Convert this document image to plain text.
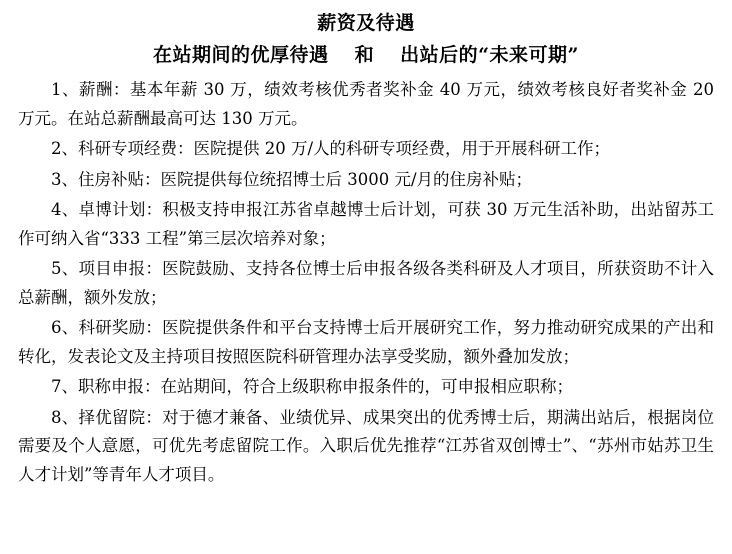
薪资及待遇
在站期间的优厚待遇 和 出站后的“未来可期”

1、薪酬：基本年薪 30 万，绩效考核优秀者奖补金 40 万元，绩效考核良好者奖补金 20 万元。在站总薪酬最高可达 130 万元。

2、科研专项经费：医院提供 20 万/人的科研专项经费，用于开展科研工作；

3、住房补贴：医院提供每位统招博士后 3000 元/月的住房补贴；

4、卓博计划：积极支持申报江苏省卓越博士后计划，可获 30 万元生活补助，出站留苏工作可纳入省“333 工程”第三层次培养对象；

5、项目申报：医院鼓励、支持各位博士后申报各级各类科研及人才项目，所获资助不计入总薪酬，额外发放；

6、科研奖励：医院提供条件和平台支持博士后开展研究工作，努力推动研究成果的产出和转化，发表论文及主持项目按照医院科研管理办法享受奖励，额外叠加发放；

7、职称申报：在站期间，符合上级职称申报条件的，可申报相应职称；

8、择优留院：对于德才兼备、业绩优异、成果突出的优秀博士后，期满出站后，根据岗位需要及个人意愿，可优先考虑留院工作。入职后优先推荐“江苏省双创博士”、“苏州市姑苏卫生人才计划”等青年人才项目。
